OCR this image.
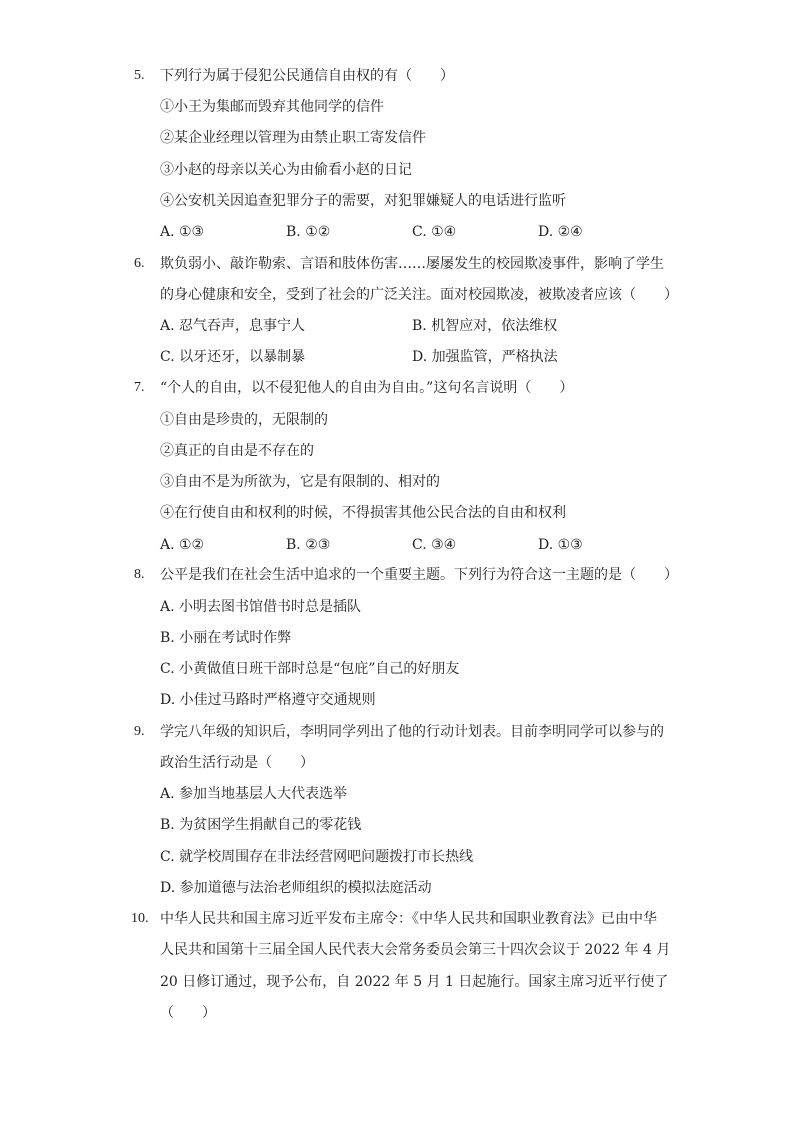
5. 下列行为属于侵犯公民通信自由权的有（　　）
①小王为集邮而毁弃其他同学的信件
②某企业经理以管理为由禁止职工寄发信件
③小赵的母亲以关心为由偷看小赵的日记
④公安机关因追查犯罪分子的需要，对犯罪嫌疑人的电话进行监听
A. ①③	B. ①②	C. ①④	D. ②④
6. 欺负弱小、敲诈勒索、言语和肢体伤害……屡屡发生的校园欺凌事件，影响了学生
的身心健康和安全，受到了社会的广泛关注。面对校园欺凌，被欺凌者应该（　　）
A. 忍气吞声，息事宁人	B. 机智应对，依法维权
C. 以牙还牙，以暴制暴	D. 加强监管，严格执法
7. “个人的自由，以不侵犯他人的自由为自由。”这句名言说明（　　）
①自由是珍贵的，无限制的
②真正的自由是不存在的
③自由不是为所欲为，它是有限制的、相对的
④在行使自由和权利的时候，不得损害其他公民合法的自由和权利
A. ①②	B. ②③	C. ③④	D. ①③
8. 公平是我们在社会生活中追求的一个重要主题。下列行为符合这一主题的是（　　）
A. 小明去图书馆借书时总是插队
B. 小丽在考试时作弊
C. 小黄做值日班干部时总是“包庇”自己的好朋友
D. 小佳过马路时严格遵守交通规则
9. 学完八年级的知识后，李明同学列出了他的行动计划表。目前李明同学可以参与的
政治生活行动是（　　）
A. 参加当地基层人大代表选举
B. 为贫困学生捐献自己的零花钱
C. 就学校周围存在非法经营网吧问题拨打市长热线
D. 参加道德与法治老师组织的模拟法庭活动
10. 中华人民共和国主席习近平发布主席令：《中华人民共和国职业教育法》已由中华
人民共和国第十三届全国人民代表大会常务委员会第三十四次会议于 2022 年 4 月
20 日修订通过，现予公布，自 2022 年 5 月 1 日起施行。国家主席习近平行使了
（　　）
